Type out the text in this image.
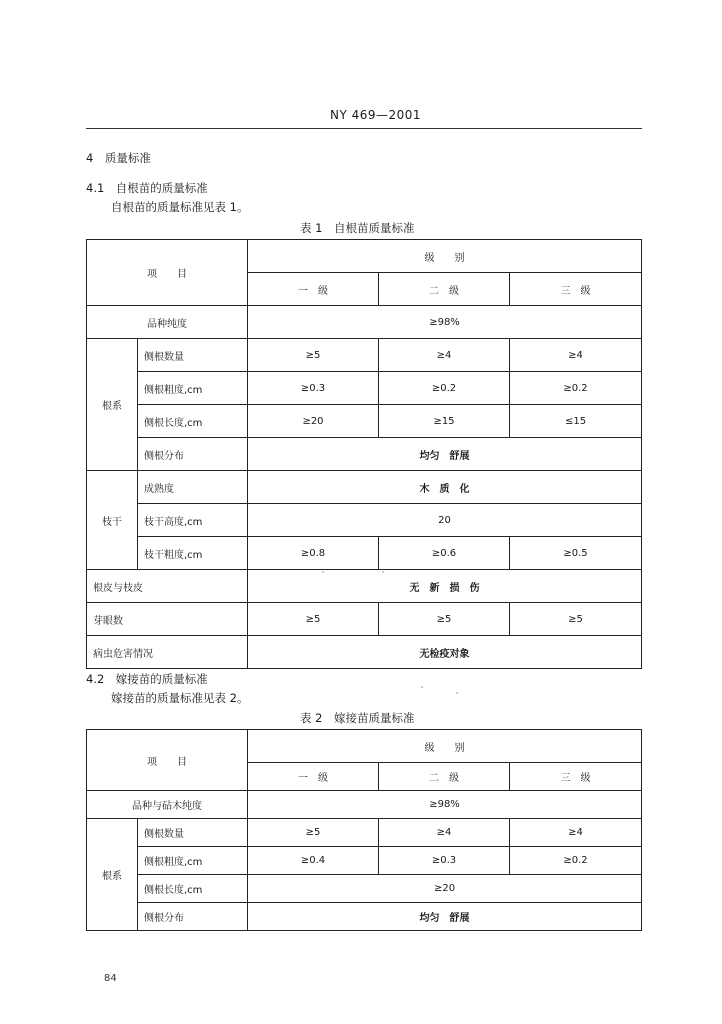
NY 469—2001
4　质量标准
4.1　自根苗的质量标准
自根苗的质量标准见表 1。
表 1　自根苗质量标准
项　　目		级　　别		
		一　级	二　级	三　级
品种纯度		≥98%		
根系	侧根数量	≥5	≥4	≥4
	侧根粗度,cm	≥0.3	≥0.2	≥0.2
	侧根长度,cm	≥20	≥15	≤15
	侧根分布	均匀　舒展		
枝干	成熟度	木　质　化		
	枝干高度,cm	20		
	枝干粗度,cm	≥0.8	≥0.6	≥0.5
根皮与枝皮		无　新　损　伤		
芽眼数		≥5	≥5	≥5
病虫危害情况		无检疫对象		
4.2　嫁接苗的质量标准
嫁接苗的质量标准见表 2。
表 2　嫁接苗质量标准
项　　目		级　　别		
		一　级	二　级	三　级
品种与砧木纯度		≥98%		
根系	侧根数量	≥5	≥4	≥4
	侧根粗度,cm	≥0.4	≥0.3	≥0.2
	侧根长度,cm	≥20		
	侧根分布	均匀　舒展		
84
